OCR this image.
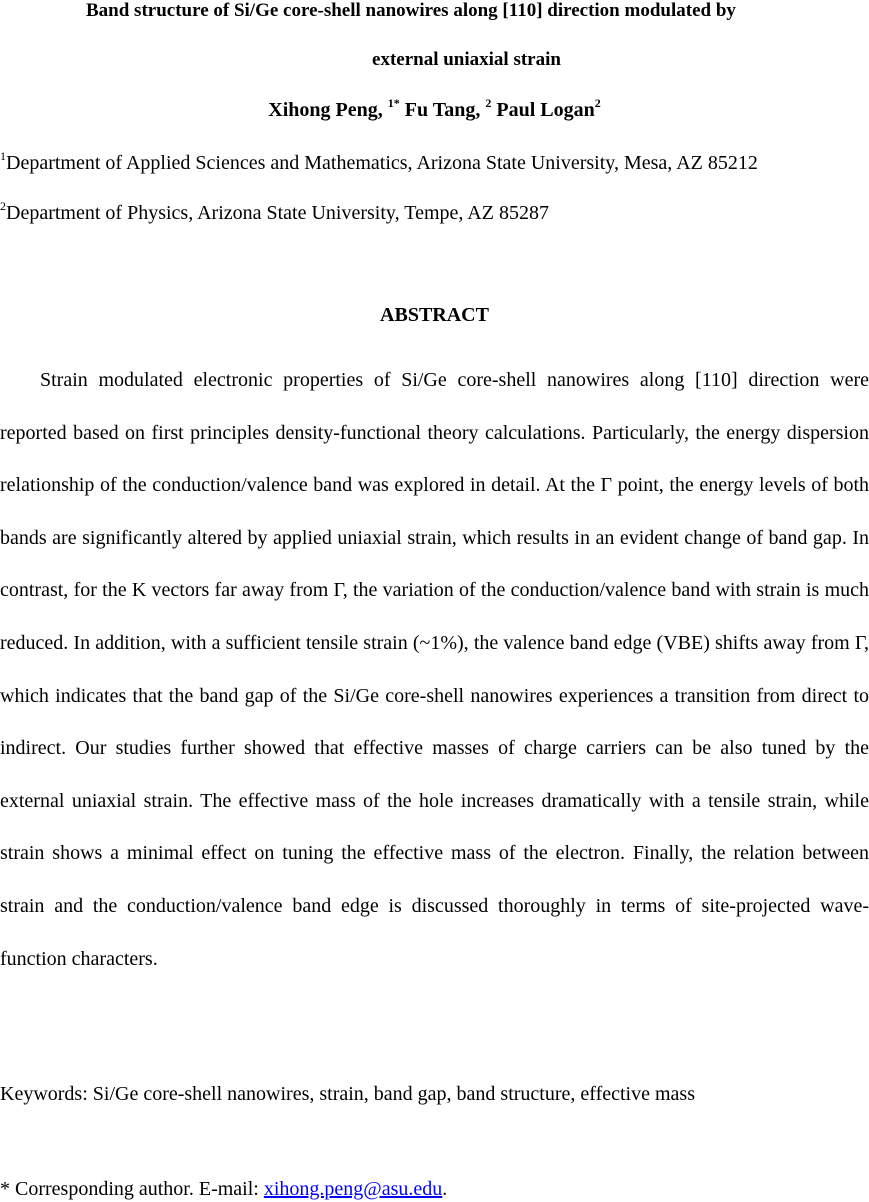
Band structure of Si/Ge core-shell nanowires along [110] direction modulated by
external uniaxial strain
Xihong Peng, $^{1*}$ Fu Tang, $^2$ Paul Logan$^2$
$^1$Department of Applied Sciences and Mathematics, Arizona State University, Mesa, AZ 85212
$^2$Department of Physics, Arizona State University, Tempe, AZ 85287
ABSTRACT

Strain modulated electronic properties of Si/Ge core-shell nanowires along [110] direction were reported based on first principles density-functional theory calculations. Particularly, the energy dispersion relationship of the conduction/valence band was explored in detail. At the Γ point, the energy levels of both bands are significantly altered by applied uniaxial strain, which results in an evident change of band gap. In contrast, for the K vectors far away from Γ, the variation of the conduction/valence band with strain is much reduced. In addition, with a sufficient tensile strain (~1%), the valence band edge (VBE) shifts away from Γ, which indicates that the band gap of the Si/Ge core-shell nanowires experiences a transition from direct to indirect. Our studies further showed that effective masses of charge carriers can be also tuned by the external uniaxial strain. The effective mass of the hole increases dramatically with a tensile strain, while strain shows a minimal effect on tuning the effective mass of the electron. Finally, the relation between strain and the conduction/valence band edge is discussed thoroughly in terms of site-projected wave-function characters.

Keywords: Si/Ge core-shell nanowires, strain, band gap, band structure, effective mass
* Corresponding author. E-mail: xihong.peng@asu.edu.
